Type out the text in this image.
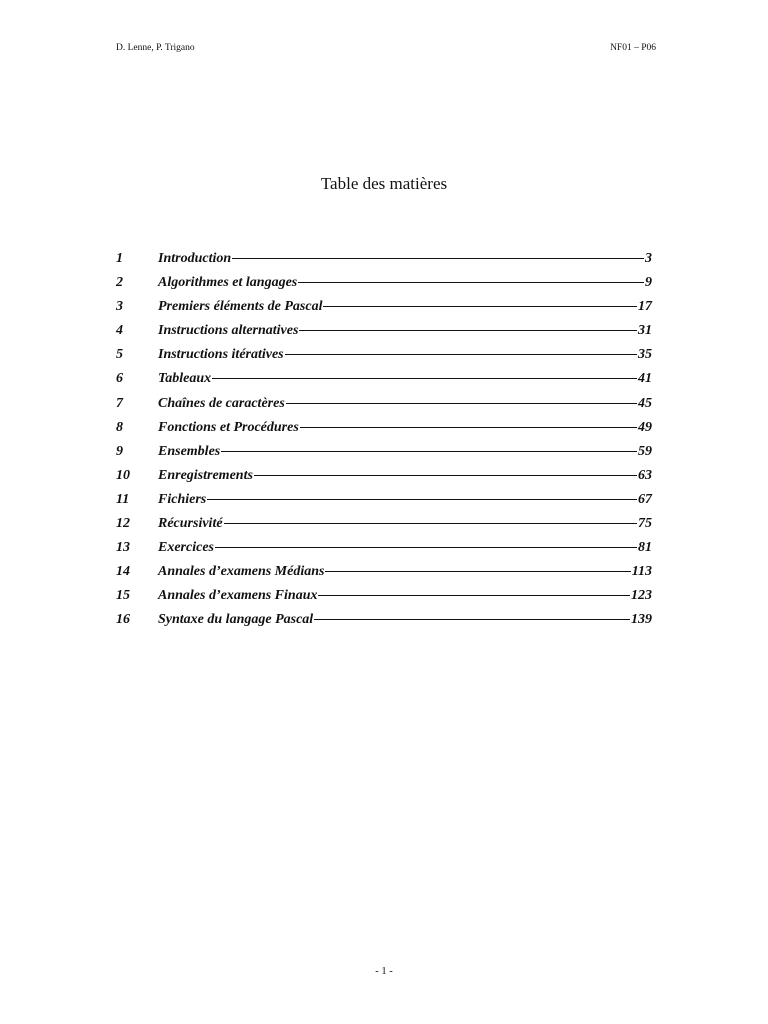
D. Lenne, P. Trigano	NF01 – P06
Table des matières
1	Introduction	3
2	Algorithmes et langages	9
3	Premiers éléments de Pascal	17
4	Instructions alternatives	31
5	Instructions itératives	35
6	Tableaux	41
7	Chaînes de caractères	45
8	Fonctions et Procédures	49
9	Ensembles	59
10	Enregistrements	63
11	Fichiers	67
12	Récursivité	75
13	Exercices	81
14	Annales d’examens Médians	113
15	Annales d’examens Finaux	123
16	Syntaxe du langage Pascal	139
- 1 -
